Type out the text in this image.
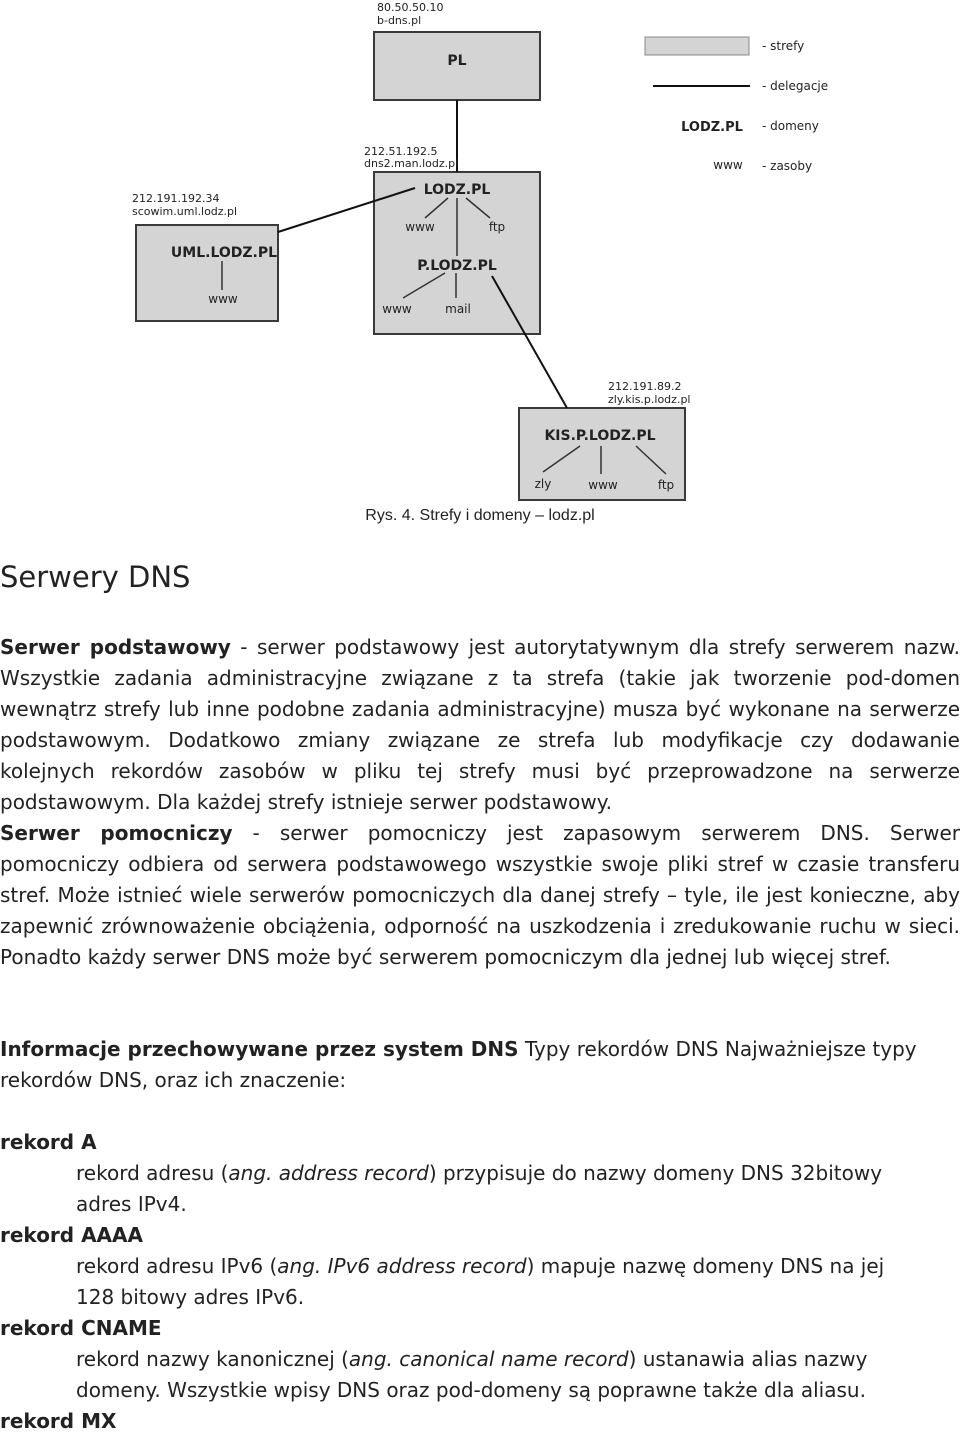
80.50.50.10
b-dns.pl
PL
212.51.192.5
dns2.man.lodz.pl
LODZ.PL
www	ftp
P.LODZ.PL
www	mail
212.191.192.34
scowim.uml.lodz.pl
UML.LODZ.PL
www
212.191.89.2
zly.kis.p.lodz.pl
KIS.P.LODZ.PL
zly	www	ftp
- strefy
- delegacje
LODZ.PL - domeny
www - zasoby
Rys. 4. Strefy i domeny – lodz.pl
Serwery DNS

Serwer podstawowy - serwer podstawowy jest autorytatywnym dla strefy serwerem nazw. Wszystkie zadania administracyjne związane z ta strefa (takie jak tworzenie pod-domen wewnątrz strefy lub inne podobne zadania administracyjne) musza być wykonane na serwerze podstawowym. Dodatkowo zmiany związane ze strefa lub modyfikacje czy dodawanie kolejnych rekordów zasobów w pliku tej strefy musi być przeprowadzone na serwerze podstawowym. Dla każdej strefy istnieje serwer podstawowy.

Serwer pomocniczy - serwer pomocniczy jest zapasowym serwerem DNS. Serwer pomocniczy odbiera od serwera podstawowego wszystkie swoje pliki stref w czasie transferu stref. Może istnieć wiele serwerów pomocniczych dla danej strefy – tyle, ile jest konieczne, aby zapewnić zrównoważenie obciążenia, odporność na uszkodzenia i zredukowanie ruchu w sieci. Ponadto każdy serwer DNS może być serwerem pomocniczym dla jednej lub więcej stref.

Informacje przechowywane przez system DNS Typy rekordów DNS Najważniejsze typy rekordów DNS, oraz ich znaczenie:

rekord A
rekord adresu (ang. address record) przypisuje do nazwy domeny DNS 32bitowy adres IPv4.
rekord AAAA
rekord adresu IPv6 (ang. IPv6 address record) mapuje nazwę domeny DNS na jej 128 bitowy adres IPv6.
rekord CNAME
rekord nazwy kanonicznej (ang. canonical name record) ustanawia alias nazwy domeny. Wszystkie wpisy DNS oraz pod-domeny są poprawne także dla aliasu.
rekord MX
